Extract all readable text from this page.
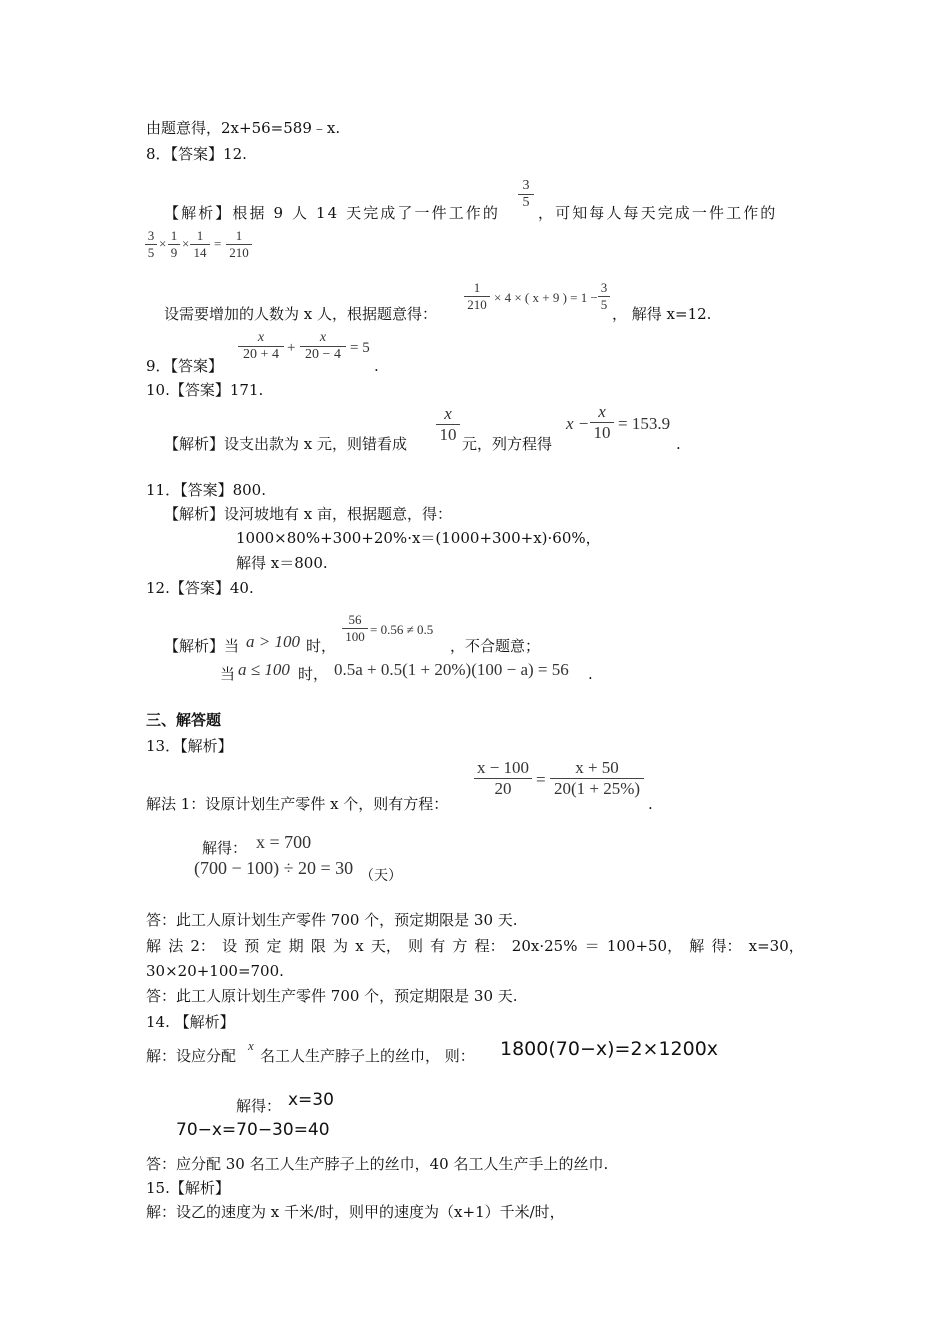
由题意得，2x+56=589﹣x.
8．【答案】12.
3
5
【解析】根据 9 人 14 天完成了一件工作的	，可知每人每天完成一件工作的
3
5
×
1
9
×
1
14
=
1
210
1
210 × 4 × ( x + 9 ) = 1 −
3
5
设需要增加的人数为 x 人，根据题意得：	， 解得 x=12.
x
20 + 4 +
x
20 − 4 = 5
9．【答案】	.
10.【答案】171.
x
10
x −
x
10 = 153.9
【解析】设支出款为 x 元，则错看成	元，列方程得	.
11．【答案】800.
【解析】设河坡地有 x 亩，根据题意，得：
1000×80%+300+20%·x＝(1000+300+x)·60%，
解得 x＝800.
12.【答案】40.
56
100 = 0.56 ≠ 0.5
【解析】当 a > 100 时，	，不合题意；
当 a ≤ 100 时， 0.5a + 0.5(1 + 20%)(100 − a) = 56 .
三、解答题
13．【解析】
x − 100
20	=
x + 50
20(1 + 25%)
解法 1：设原计划生产零件 x 个，则有方程：	.
解得： x = 700
(700 − 100) ÷ 20 = 30 （天）
答：此工人原计划生产零件 700 个，预定期限是 30 天.
解 法 2： 设 预 定 期 限 为 x 天， 则 有 方 程： 20x·25% ＝ 100+50， 解 得： x=30，
30×20+100=700.
答：此工人原计划生产零件 700 个，预定期限是 30 天.
14. 【解析】
解：设应分配
x
名工人生产脖子上的丝巾， 则： 1800(70−x)=2×1200x
解得： x=30
70−x=70−30=40
答：应分配 30 名工人生产脖子上的丝巾，40 名工人生产手上的丝巾.
15.【解析】
解：设乙的速度为 x 千米/时，则甲的速度为（x+1）千米/时，
